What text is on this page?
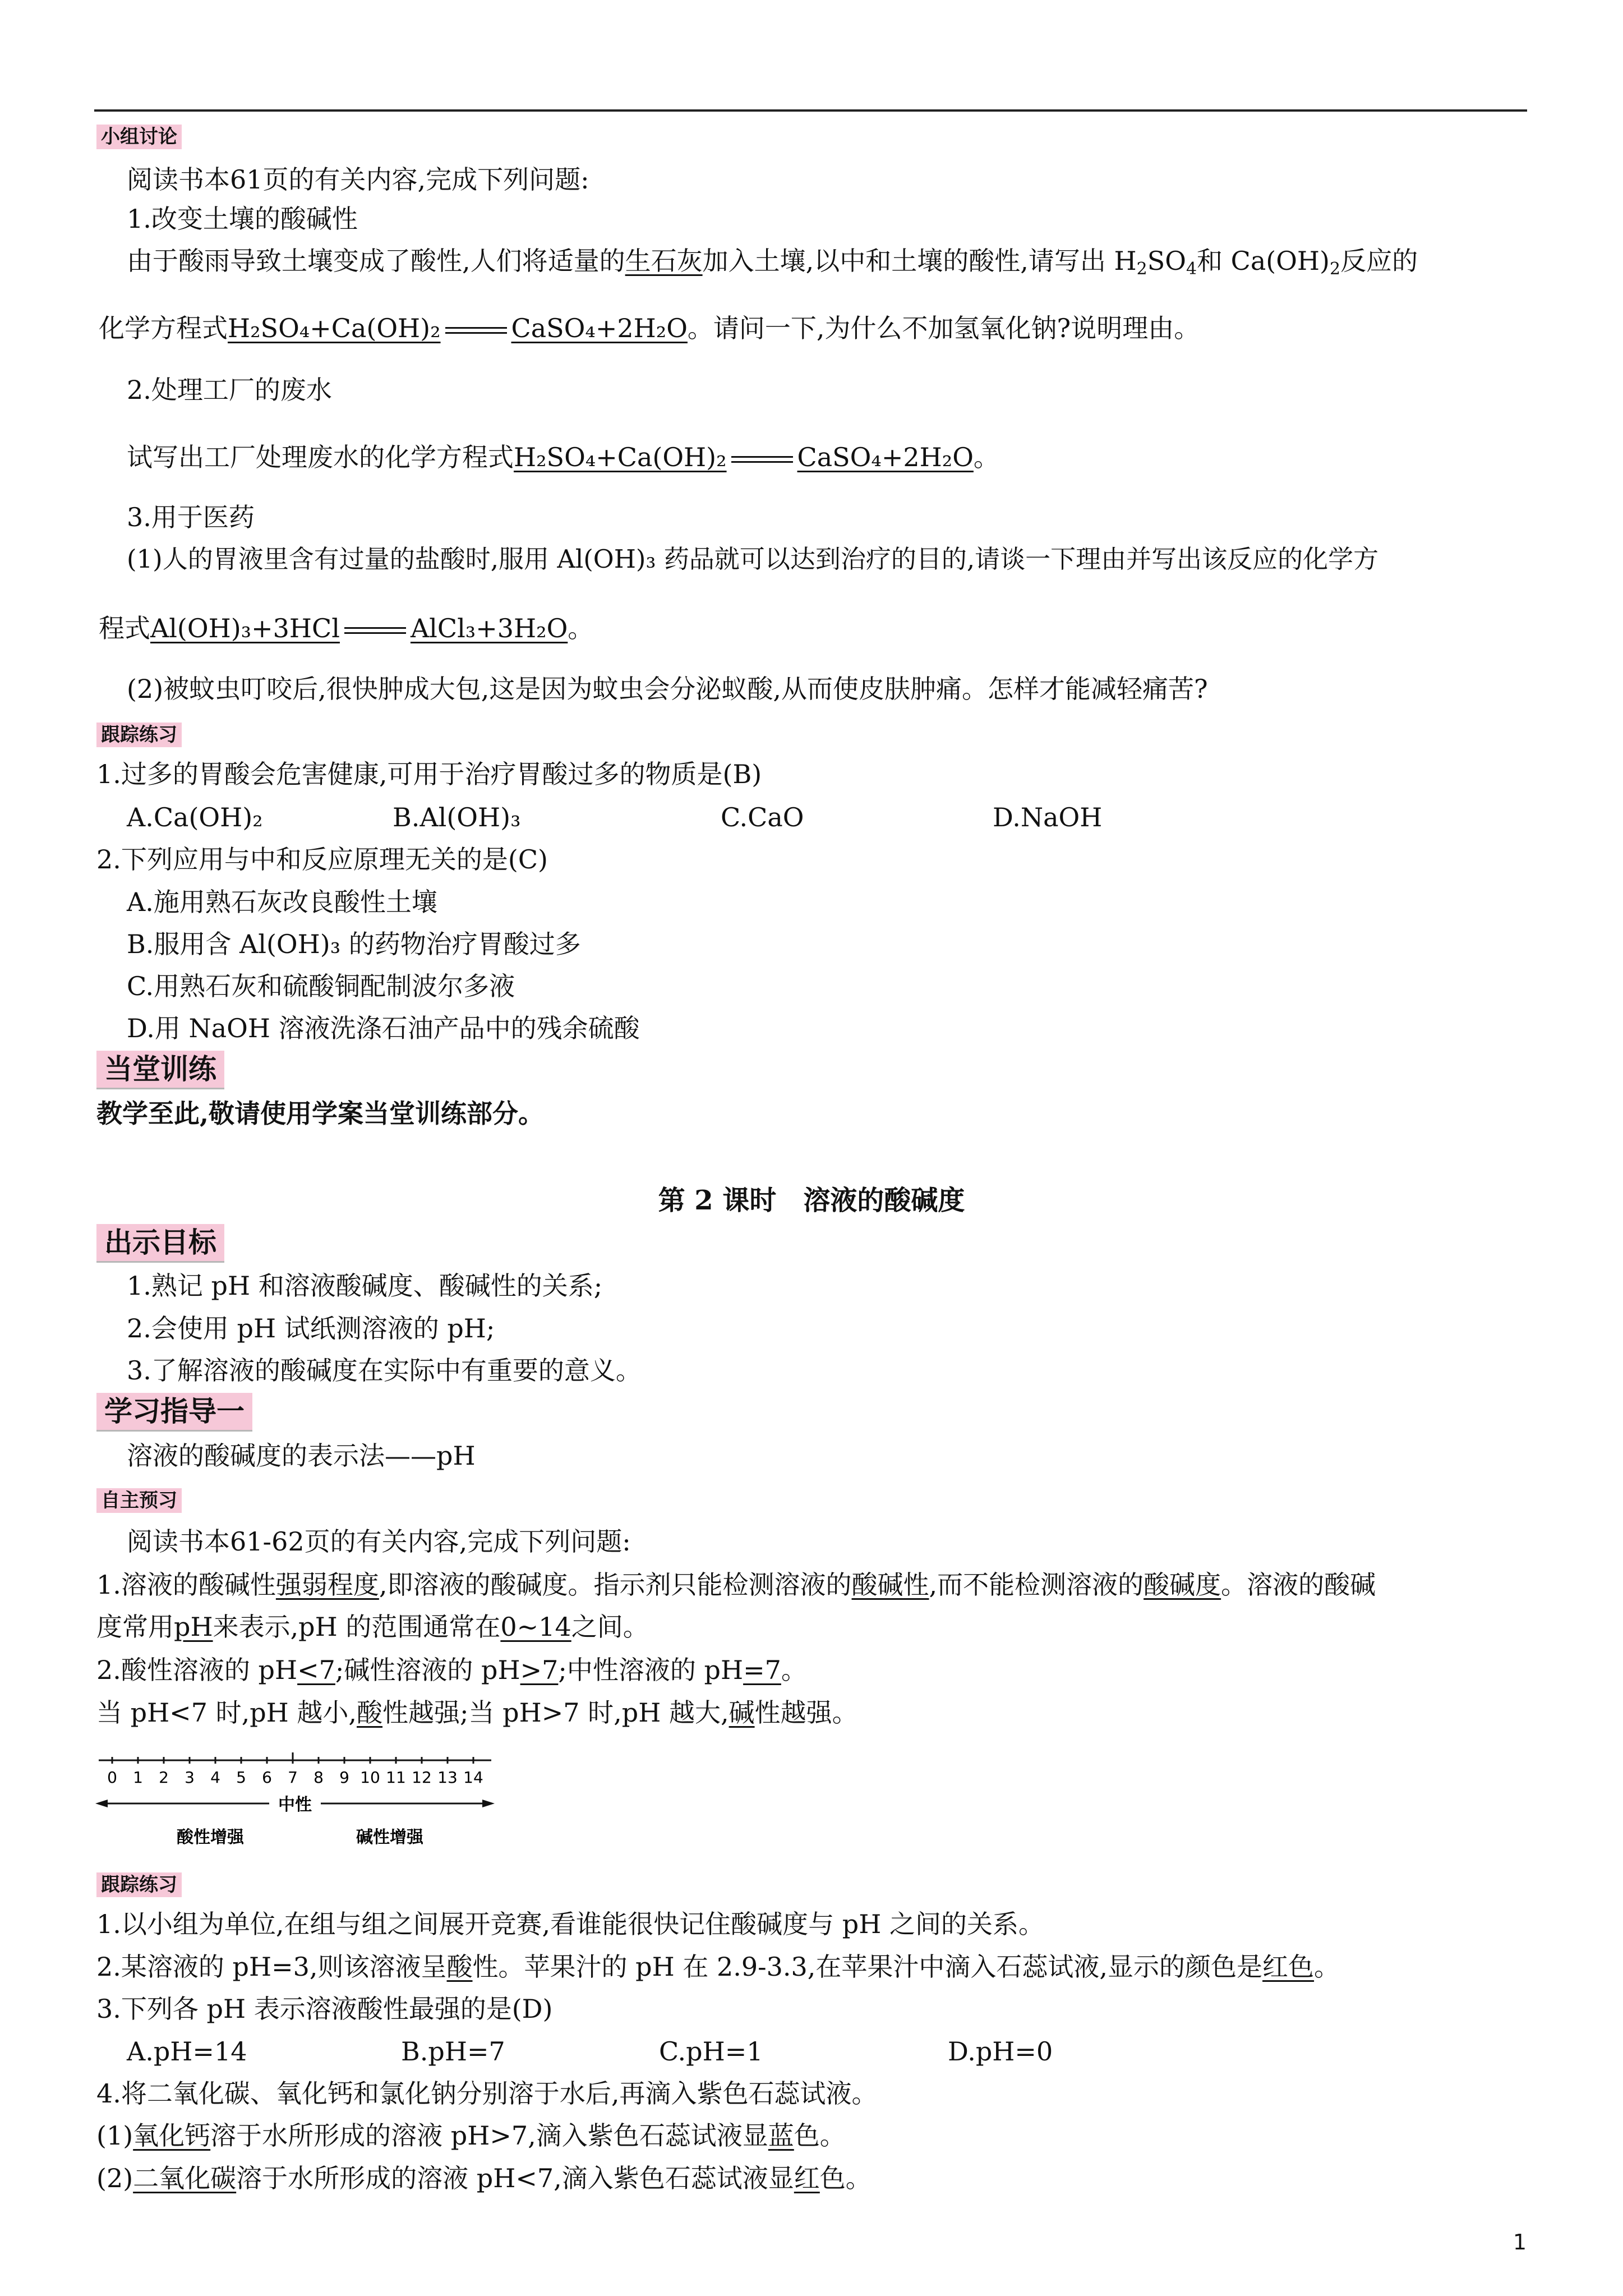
小组讨论
阅读书本61页的有关内容,完成下列问题:
1.改变土壤的酸碱性
由于酸雨导致土壤变成了酸性,人们将适量的生石灰加入土壤,以中和土壤的酸性,请写出 $H_2SO_4$和 $Ca(OH)_2$反应的
化学方程式H₂SO₄+Ca(OH)₂	CaSO₄+2H₂O。请问一下,为什么不加氢氧化钠?说明理由。
2.处理工厂的废水
试写出工厂处理废水的化学方程式H₂SO₄+Ca(OH)₂	CaSO₄+2H₂O。
3.用于医药
(1)人的胃液里含有过量的盐酸时,服用 Al(OH)₃ 药品就可以达到治疗的目的,请谈一下理由并写出该反应的化学方
程式Al(OH)₃+3HCl	AlCl₃+3H₂O。
(2)被蚊虫叮咬后,很快肿成大包,这是因为蚊虫会分泌蚁酸,从而使皮肤肿痛。怎样才能减轻痛苦?
跟踪练习
1.过多的胃酸会危害健康,可用于治疗胃酸过多的物质是(B)
A.Ca(OH)₂	B.Al(OH)₃	C.CaO	D.NaOH
2.下列应用与中和反应原理无关的是(C)
A.施用熟石灰改良酸性土壤
B.服用含 Al(OH)₃ 的药物治疗胃酸过多
C.用熟石灰和硫酸铜配制波尔多液
D.用 NaOH 溶液洗涤石油产品中的残余硫酸
当堂训练
教学至此,敬请使用学案当堂训练部分。
第 2 课时　溶液的酸碱度
出示目标
1.熟记 pH 和溶液酸碱度、酸碱性的关系;
2.会使用 pH 试纸测溶液的 pH;
3.了解溶液的酸碱度在实际中有重要的意义。
学习指导一
溶液的酸碱度的表示法——pH
自主预习
阅读书本61-62页的有关内容,完成下列问题:
1.溶液的酸碱性强弱程度,即溶液的酸碱度。指示剂只能检测溶液的酸碱性,而不能检测溶液的酸碱度。溶液的酸碱
度常用pH来表示,pH 的范围通常在0~14之间。
2.酸性溶液的 pH<7;碱性溶液的 pH>7;中性溶液的 pH=7。
当 pH<7 时,pH 越小,酸性越强;当 pH>7 时,pH 越大,碱性越强。
0 1 2 3 4 5 6 7 8 9 10 11 12 13 14
中性
酸性增强	碱性增强
跟踪练习
1.以小组为单位,在组与组之间展开竞赛,看谁能很快记住酸碱度与 pH 之间的关系。
2.某溶液的 pH=3,则该溶液呈酸性。苹果汁的 pH 在 2.9-3.3,在苹果汁中滴入石蕊试液,显示的颜色是红色。
3.下列各 pH 表示溶液酸性最强的是(D)
A.pH=14	B.pH=7	C.pH=1	D.pH=0
4.将二氧化碳、氧化钙和氯化钠分别溶于水后,再滴入紫色石蕊试液。
(1)氧化钙溶于水所形成的溶液 pH>7,滴入紫色石蕊试液显蓝色。
(2)二氧化碳溶于水所形成的溶液 pH<7,滴入紫色石蕊试液显红色。
1
